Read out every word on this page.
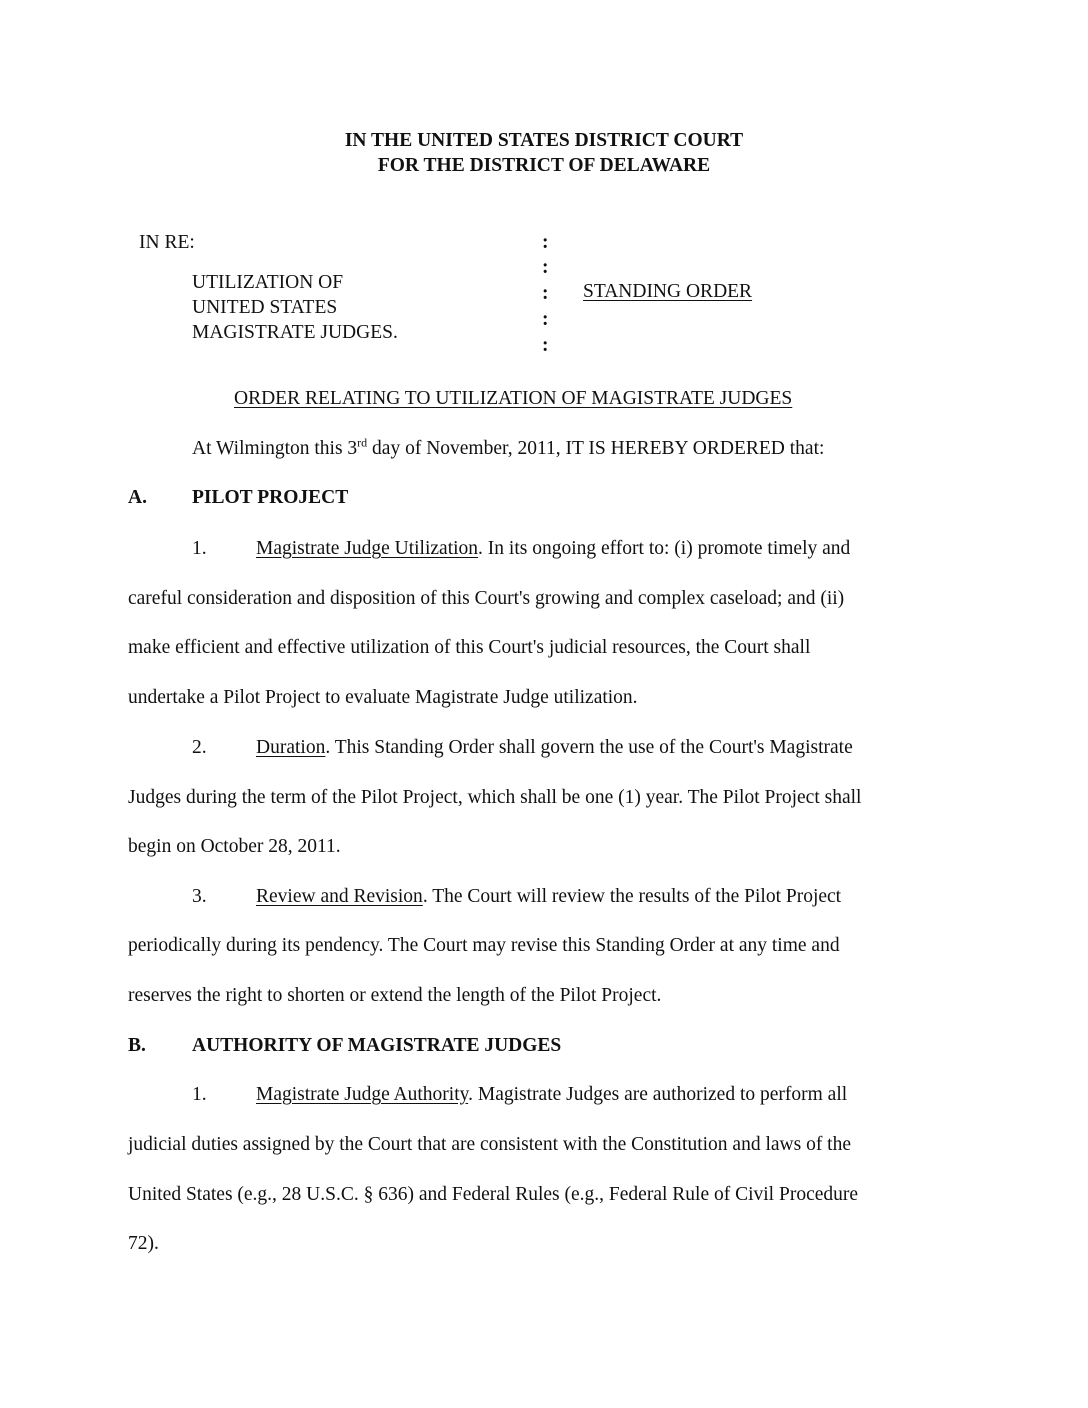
IN THE UNITED STATES DISTRICT COURT
FOR THE DISTRICT OF DELAWARE
IN RE:
UTILIZATION OF
UNITED STATES
MAGISTRATE JUDGES.
:
:
:
:
:
STANDING ORDER
ORDER RELATING TO UTILIZATION OF MAGISTRATE JUDGES
At Wilmington this 3rd day of November, 2011, IT IS HEREBY ORDERED that:
A. PILOT PROJECT
1.	Magistrate Judge Utilization. In its ongoing effort to: (i) promote timely and
careful consideration and disposition of this Court's growing and complex caseload; and (ii)
make efficient and effective utilization of this Court's judicial resources, the Court shall
undertake a Pilot Project to evaluate Magistrate Judge utilization.
2.	Duration. This Standing Order shall govern the use of the Court's Magistrate
Judges during the term of the Pilot Project, which shall be one (1) year. The Pilot Project shall
begin on October 28, 2011.
3.	Review and Revision. The Court will review the results of the Pilot Project
periodically during its pendency. The Court may revise this Standing Order at any time and
reserves the right to shorten or extend the length of the Pilot Project.
B. AUTHORITY OF MAGISTRATE JUDGES
1.	Magistrate Judge Authority. Magistrate Judges are authorized to perform all
judicial duties assigned by the Court that are consistent with the Constitution and laws of the
United States (e.g., 28 U.S.C. § 636) and Federal Rules (e.g., Federal Rule of Civil Procedure
72).
